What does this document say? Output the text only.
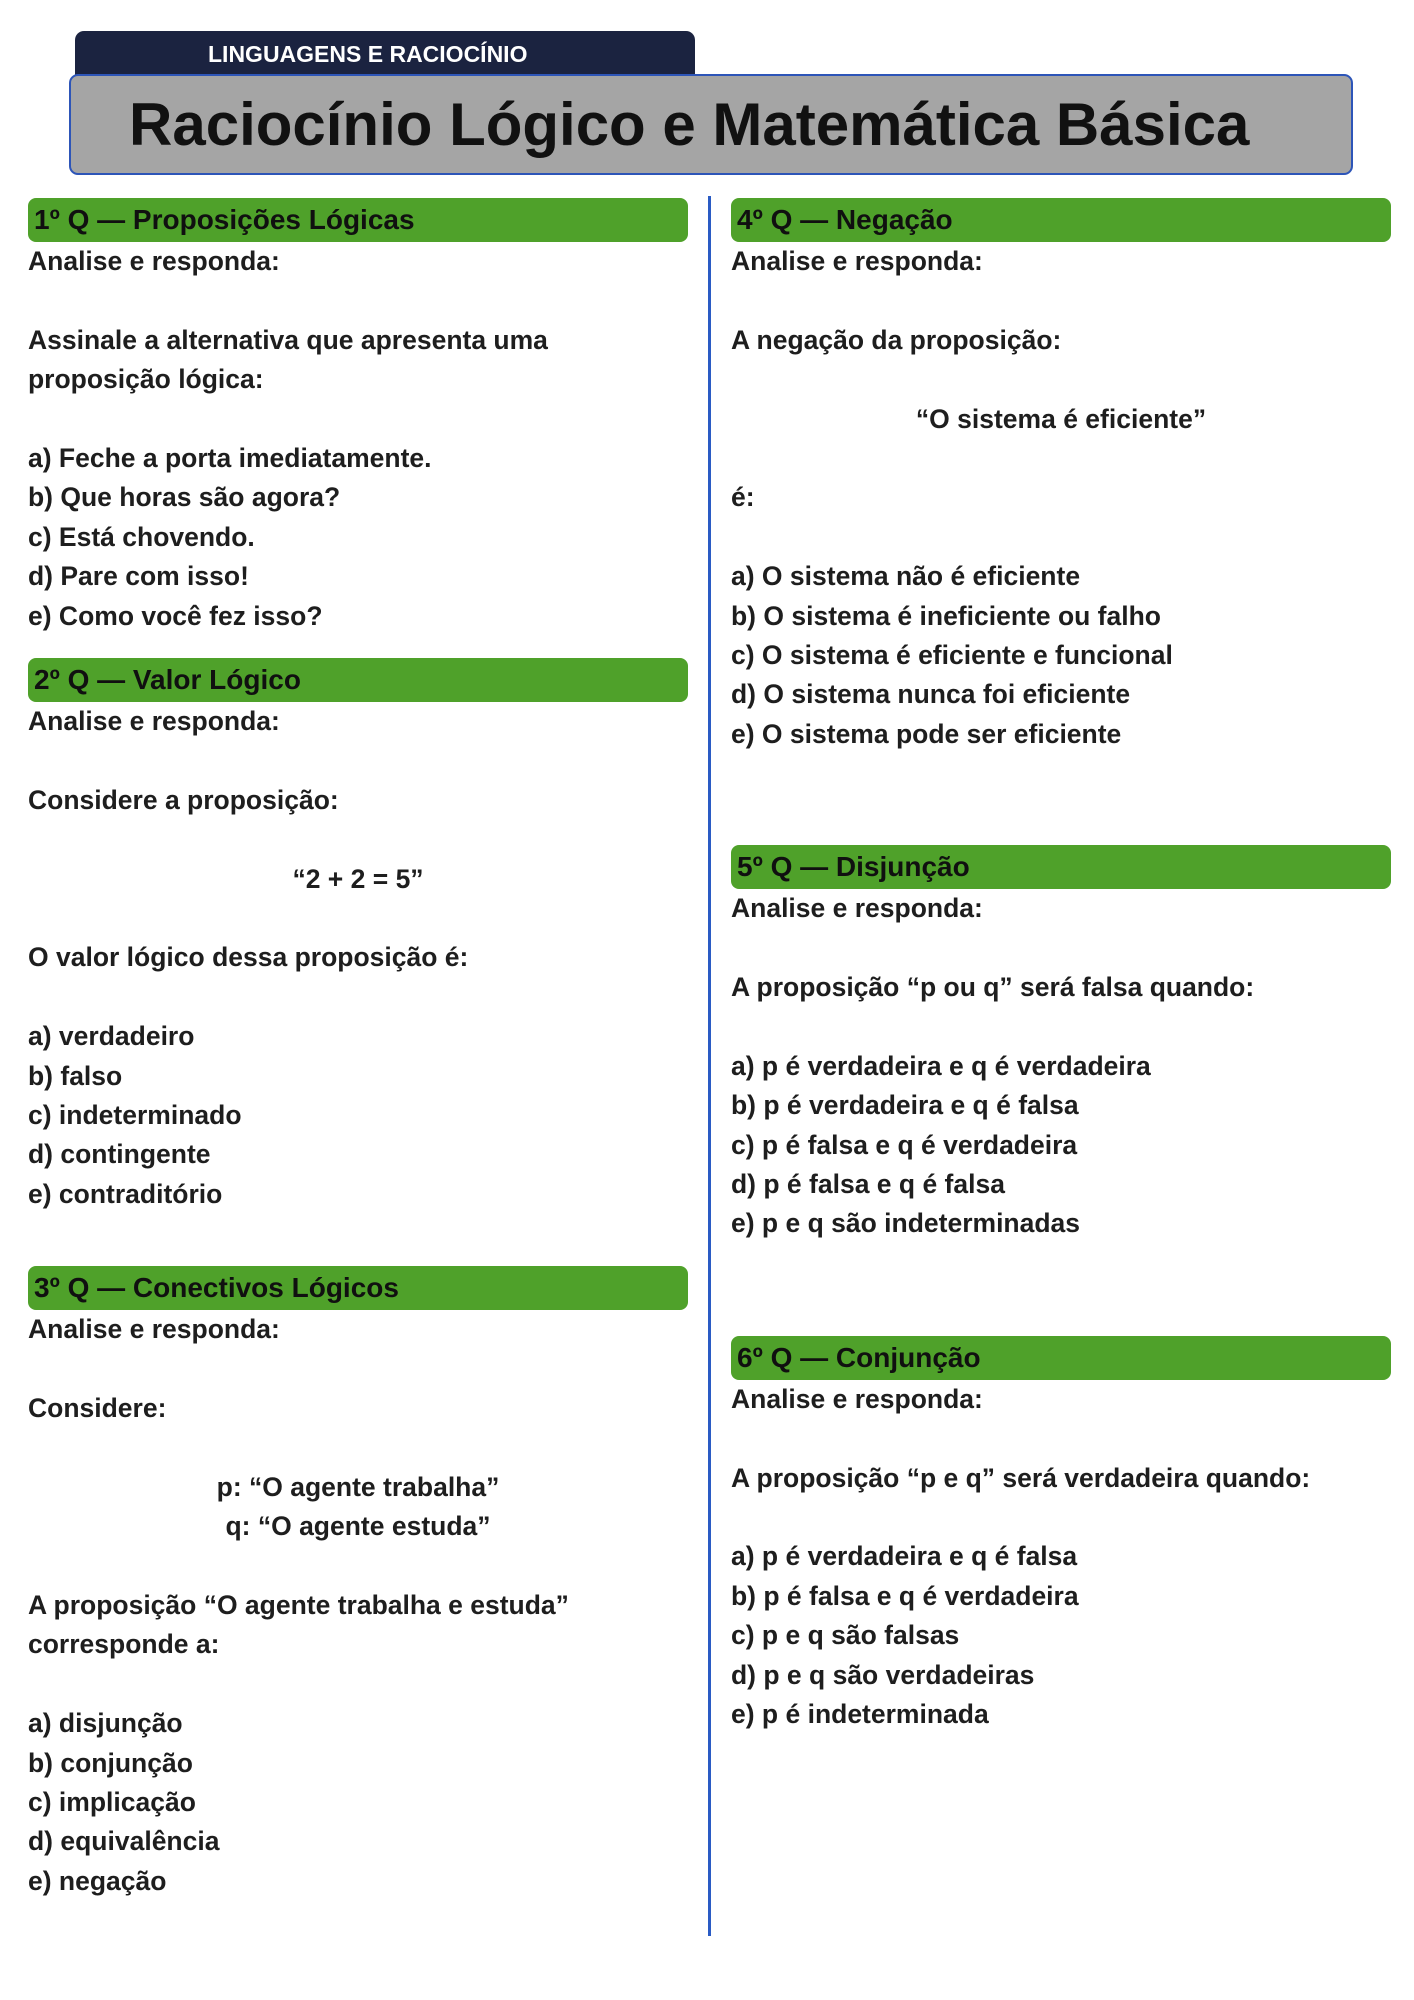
LINGUAGENS E RACIOCÍNIO
Raciocínio Lógico e Matemática Básica
1º Q — Proposições Lógicas

Analise e responda:

Assinale a alternativa que apresenta uma

proposição lógica:

a) Feche a porta imediatamente.

b) Que horas são agora?

c) Está chovendo.

d) Pare com isso!

e) Como você fez isso?

2º Q — Valor Lógico

Analise e responda:

Considere a proposição:

“2 + 2 = 5”

O valor lógico dessa proposição é:

a) verdadeiro

b) falso

c) indeterminado

d) contingente

e) contraditório

3º Q — Conectivos Lógicos

Analise e responda:

Considere:

p: “O agente trabalha”

q: “O agente estuda”

A proposição “O agente trabalha e estuda”

corresponde a:

a) disjunção

b) conjunção

c) implicação

d) equivalência

e) negação

4º Q — Negação

Analise e responda:

A negação da proposição:

“O sistema é eficiente”

é:

a) O sistema não é eficiente

b) O sistema é ineficiente ou falho

c) O sistema é eficiente e funcional

d) O sistema nunca foi eficiente

e) O sistema pode ser eficiente

5º Q — Disjunção

Analise e responda:

A proposição “p ou q” será falsa quando:

a) p é verdadeira e q é verdadeira

b) p é verdadeira e q é falsa

c) p é falsa e q é verdadeira

d) p é falsa e q é falsa

e) p e q são indeterminadas

6º Q — Conjunção

Analise e responda:

A proposição “p e q” será verdadeira quando:

a) p é verdadeira e q é falsa

b) p é falsa e q é verdadeira

c) p e q são falsas

d) p e q são verdadeiras

e) p é indeterminada
